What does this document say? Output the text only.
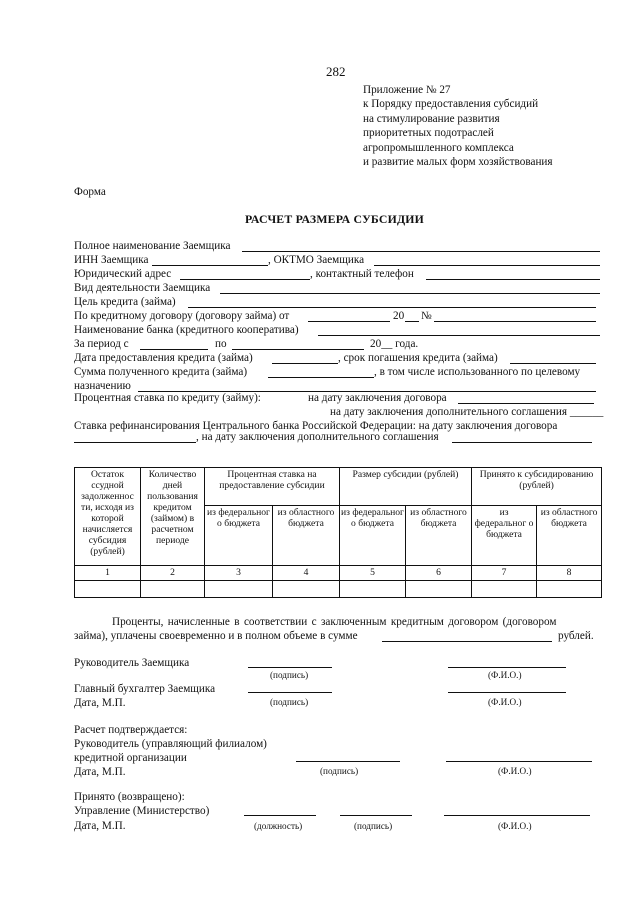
282
Приложение № 27
к Порядку предоставления субсидий
на стимулирование развития
приоритетных подотраслей
агропромышленного комплекса
и развитие малых форм хозяйствования
Форма
РАСЧЕТ РАЗМЕРА СУБСИДИИ
Полное наименование Заемщика
ИНН Заемщика	, ОКТМО Заемщика
Юридический адрес	, контактный телефон
Вид деятельности Заемщика
Цель кредита (займа)
По кредитному договору (договору займа) от	20 №
Наименование банка (кредитного кооператива)
За период с	по	20__ года.
Дата предоставления кредита (займа)	, срок погашения кредита (займа)
Сумма полученного кредита (займа)	, в том числе использованного по целевому
назначению
Процентная ставка по кредиту (займу):	на дату заключения договора
на дату заключения дополнительного соглашения ______
Ставка рефинансирования Центрального банка Российской Федерации: на дату заключения договора
, на дату заключения дополнительного соглашения
Остаток ссудной задолженнос ти, исходя из которой начисляется субсидия (рублей)	Количество дней пользования кредитом (займом) в расчетном периоде	Процентная ставка на предоставление субсидии		Размер субсидии (рублей)		Принято к субсидированию (рублей)	
		из федеральног о бюджета	из областного бюджета	из федеральног о бюджета	из областного бюджета	из федеральног о бюджета	из областного бюджета
1	2	3	4	5	6	7	8

Проценты, начисленные в соответствии с заключенным кредитным договором (договором
займа), уплачены своевременно и в полном объеме в сумме	рублей.
Руководитель Заемщика
(подпись)	(Ф.И.О.)
Главный бухгалтер Заемщика
Дата, М.П.	(подпись)	(Ф.И.О.)
Расчет подтверждается:
Руководитель (управляющий филиалом)
кредитной организации
Дата, М.П.	(подпись)	(Ф.И.О.)
Принято (возвращено):
Управление (Министерство)
Дата, М.П.	(должность)	(подпись)	(Ф.И.О.)
